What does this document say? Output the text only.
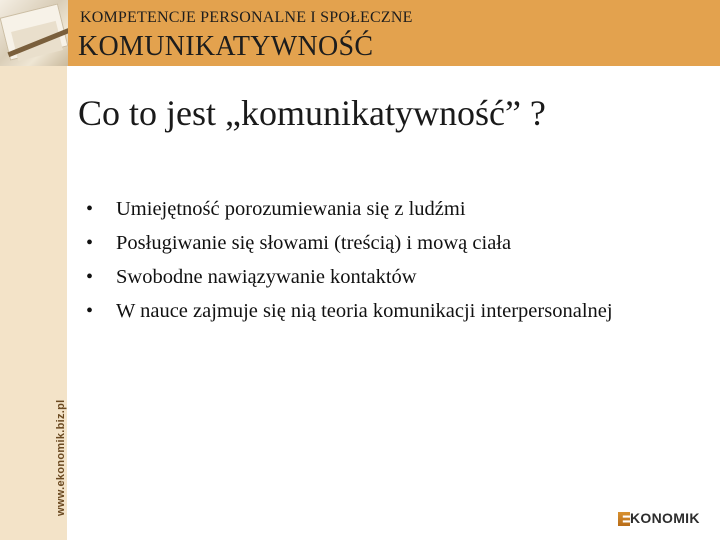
KOMPETENCJE PERSONALNE I SPOŁECZNE
KOMUNIKATYWNOŚĆ
www.ekonomik.biz.pl
Co to jest „komunikatywność” ?
• Umiejętność porozumiewania się z ludźmi
• Posługiwanie się słowami (treścią) i mową ciała
• Swobodne nawiązywanie kontaktów
• W nauce zajmuje się nią teoria komunikacji interpersonalnej
KONOMIK
